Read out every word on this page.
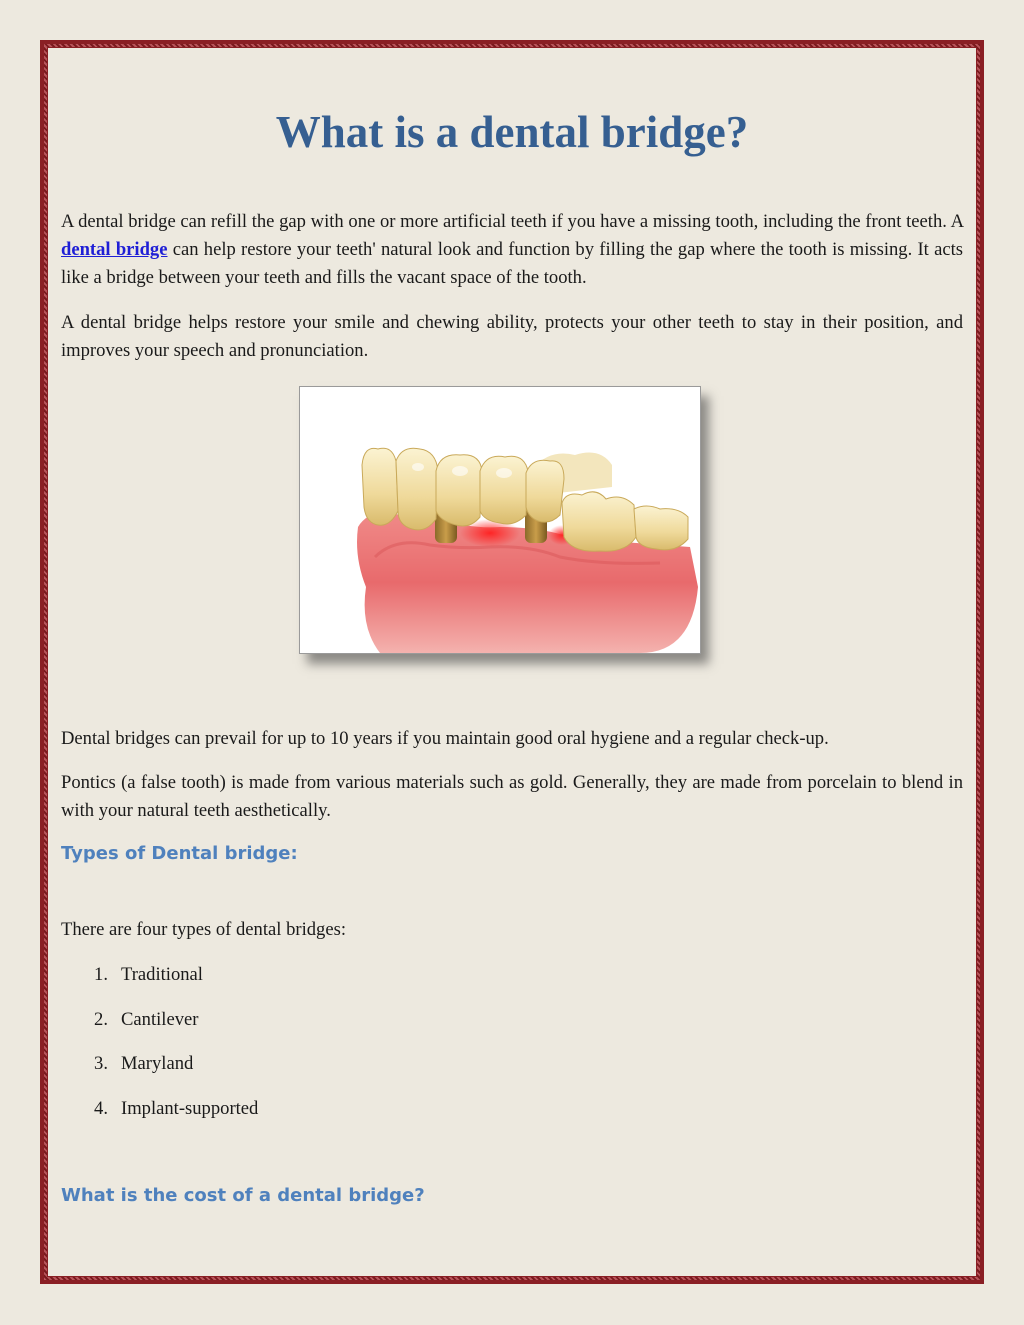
What is a dental bridge?

A dental bridge can refill the gap with one or more artificial teeth if you have a missing tooth, including the front teeth. A dental bridge can help restore your teeth' natural look and function by filling the gap where the tooth is missing. It acts like a bridge between your teeth and fills the vacant space of the tooth.

A dental bridge helps restore your smile and chewing ability, protects your other teeth to stay in their position, and improves your speech and pronunciation.

Dental bridges can prevail for up to 10 years if you maintain good oral hygiene and a regular check-up.

Pontics (a false tooth) is made from various materials such as gold. Generally, they are made from porcelain to blend in with your natural teeth aesthetically.

Types of Dental bridge:

There are four types of dental bridges:

1. Traditional
2. Cantilever
3. Maryland
4. Implant-supported
What is the cost of a dental bridge?
